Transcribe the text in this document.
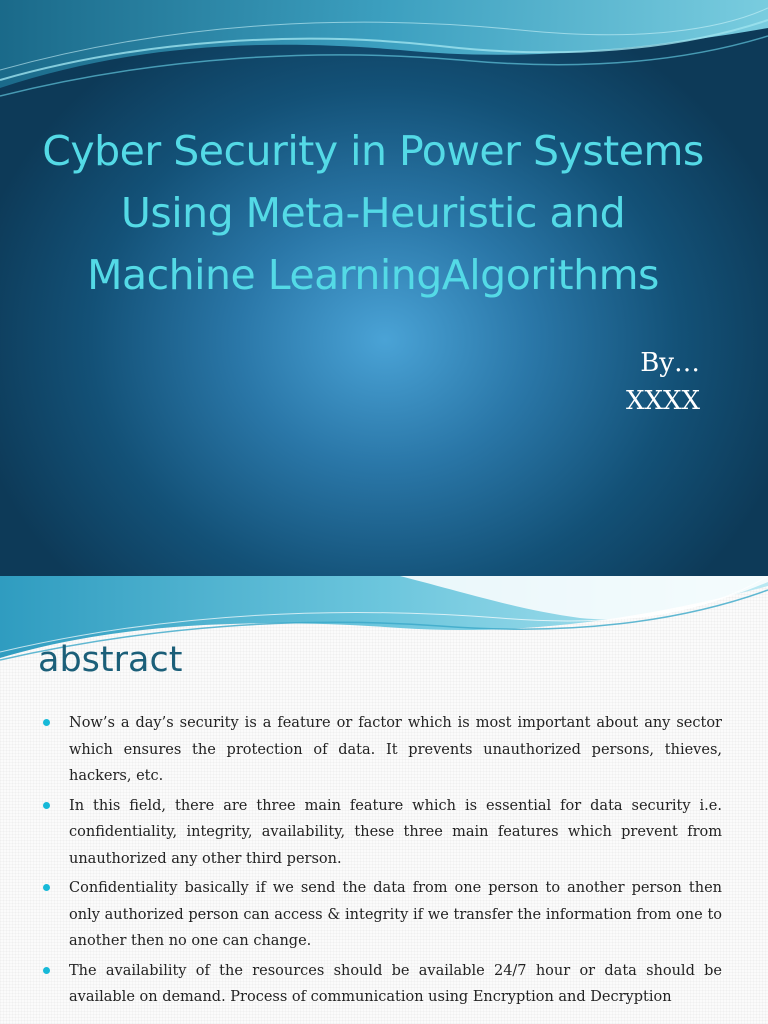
Cyber Security in Power Systems Using Meta-Heuristic and Machine LearningAlgorithms
By…
XXXX
abstract
Now’s a day’s security is a feature or factor which is most important about any sector which ensures the protection of data. It prevents unauthorized persons, thieves, hackers, etc.
In this field, there are three main feature which is essential for data security i.e. confidentiality, integrity, availability, these three main features which prevent from unauthorized any other third person.
Confidentiality basically if we send the data from one person to another person then only authorized person can access & integrity if we transfer the information from one to another then no one can change.
The availability of the resources should be available 24/7 hour or data should be available on demand. Process of communication using Encryption and Decryption
